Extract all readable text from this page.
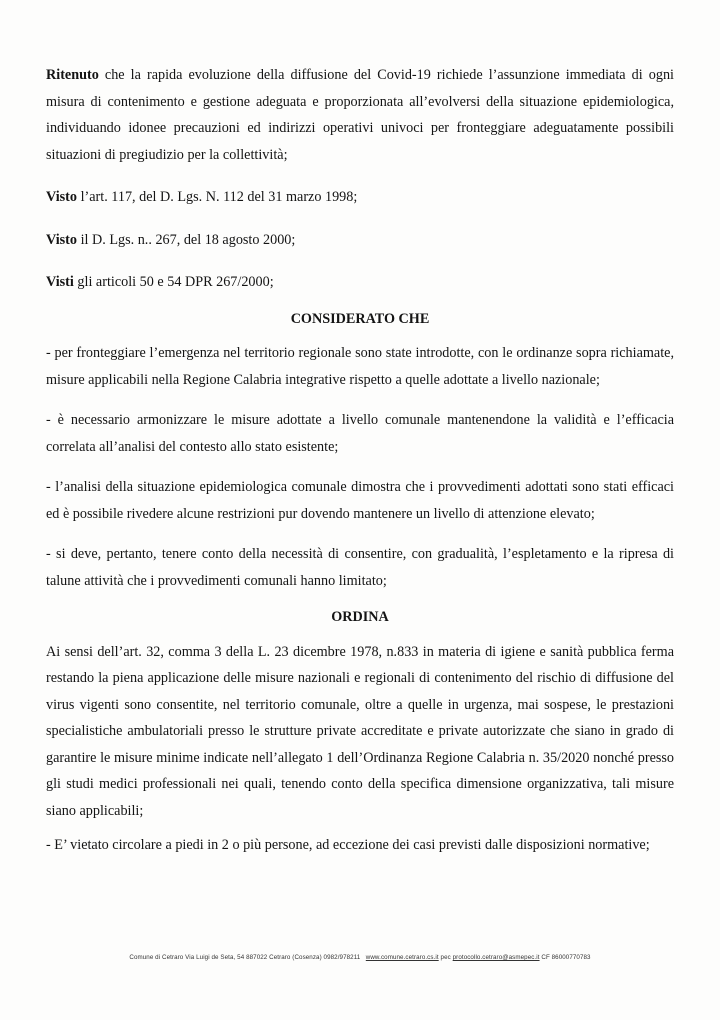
Ritenuto che la rapida evoluzione della diffusione del Covid-19 richiede l’assunzione immediata di ogni misura di contenimento e gestione adeguata e proporzionata all’evolversi della situazione epidemiologica, individuando idonee precauzioni ed indirizzi operativi univoci per fronteggiare adeguatamente possibili situazioni di pregiudizio per la collettività;

Visto l’art. 117, del D. Lgs. N. 112 del 31 marzo 1998;

Visto il D. Lgs. n.. 267, del 18 agosto 2000;

Visti gli articoli 50 e 54 DPR 267/2000;

CONSIDERATO CHE

- per fronteggiare l’emergenza nel territorio regionale sono state introdotte, con le ordinanze sopra richiamate, misure applicabili nella Regione Calabria integrative rispetto a quelle adottate a livello nazionale;

- è necessario armonizzare le misure adottate a livello comunale mantenendone la validità e l’efficacia correlata all’analisi del contesto allo stato esistente;

- l’analisi della situazione epidemiologica comunale dimostra che i provvedimenti adottati sono stati efficaci ed è possibile rivedere alcune restrizioni pur dovendo mantenere un livello di attenzione elevato;

- si deve, pertanto, tenere conto della necessità di consentire, con gradualità, l’espletamento e la ripresa di talune attività che i provvedimenti comunali hanno limitato;

ORDINA

Ai sensi dell’art. 32, comma 3 della L. 23 dicembre 1978, n.833 in materia di igiene e sanità pubblica ferma restando la piena applicazione delle misure nazionali e regionali di contenimento del rischio di diffusione del virus vigenti sono consentite, nel territorio comunale, oltre a quelle in urgenza, mai sospese, le prestazioni specialistiche ambulatoriali presso le strutture private accreditate e private autorizzate che siano in grado di garantire le misure minime indicate nell’allegato 1 dell’Ordinanza Regione Calabria n. 35/2020 nonché presso gli studi medici professionali nei quali, tenendo conto della specifica dimensione organizzativa, tali misure siano applicabili;

- E’ vietato circolare a piedi in 2 o più persone, ad eccezione dei casi previsti dalle disposizioni normative;

Comune di Cetraro Via Luigi de Seta, 54 887022 Cetraro (Cosenza) 0982/978211 www.comune.cetraro.cs.it pec protocollo.cetraro@asmepec.it CF 86000770783
